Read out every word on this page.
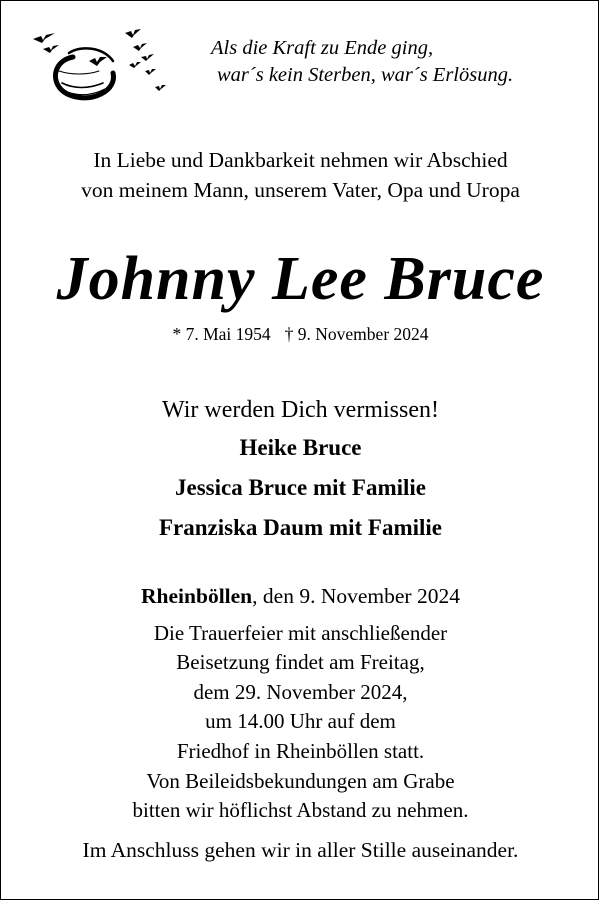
Als die Kraft zu Ende ging,
war´s kein Sterben, war´s Erlösung.
In Liebe und Dankbarkeit nehmen wir Abschied
von meinem Mann, unserem Vater, Opa und Uropa
Johnny Lee Bruce
* 7. Mai 1954 † 9. November 2024
Wir werden Dich vermissen!
Heike Bruce
Jessica Bruce mit Familie
Franziska Daum mit Familie
Rheinböllen, den 9. November 2024
Die Trauerfeier mit anschließender
Beisetzung findet am Freitag,
dem 29. November 2024,
um 14.00 Uhr auf dem
Friedhof in Rheinböllen statt.
Von Beileidsbekundungen am Grabe
bitten wir höflichst Abstand zu nehmen.
Im Anschluss gehen wir in aller Stille auseinander.
